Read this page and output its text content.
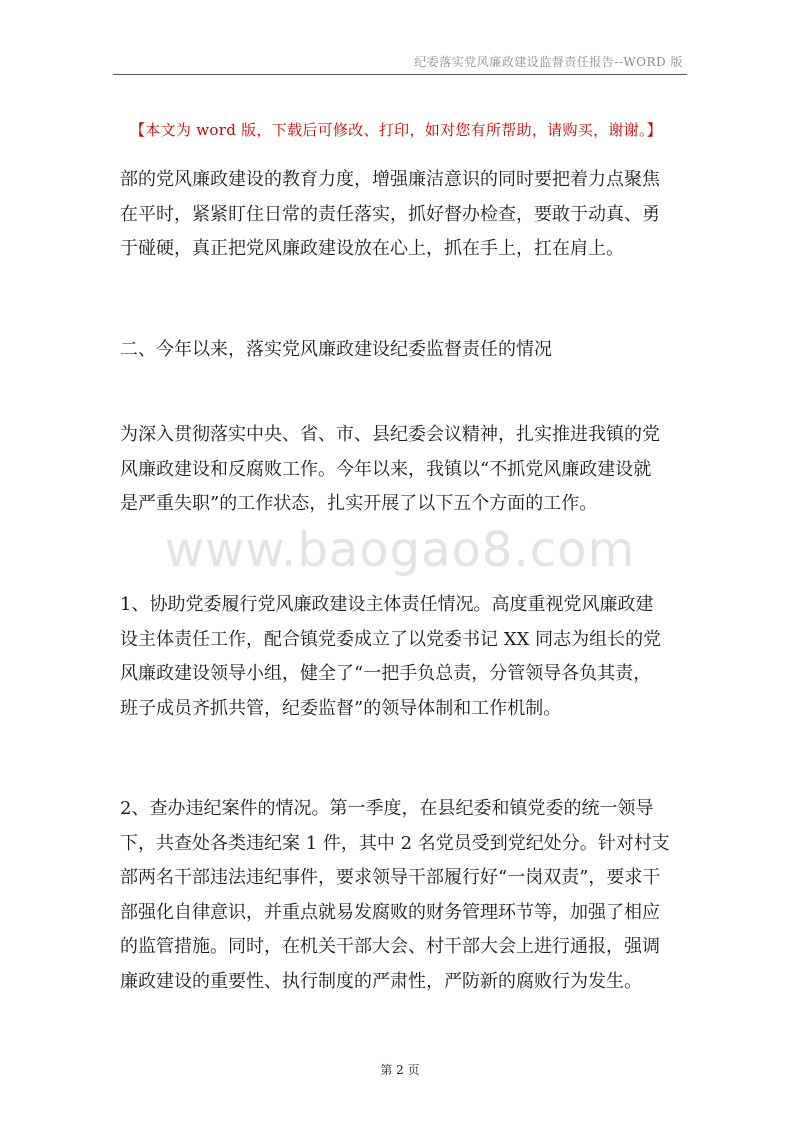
纪委落实党风廉政建设监督责任报告--WORD 版
【本文为 word 版，下载后可修改、打印，如对您有所帮助，请购买，谢谢。】
部的党风廉政建设的教育力度，增强廉洁意识的同时要把着力点聚焦
在平时，紧紧盯住日常的责任落实，抓好督办检查，要敢于动真、勇
于碰硬，真正把党风廉政建设放在心上，抓在手上，扛在肩上。
二、今年以来，落实党风廉政建设纪委监督责任的情况
为深入贯彻落实中央、省、市、县纪委会议精神，扎实推进我镇的党
风廉政建设和反腐败工作。今年以来，我镇以“不抓党风廉政建设就
是严重失职”的工作状态，扎实开展了以下五个方面的工作。
www.baogao8.com
1、协助党委履行党风廉政建设主体责任情况。高度重视党风廉政建
设主体责任工作，配合镇党委成立了以党委书记 XX 同志为组长的党
风廉政建设领导小组，健全了“一把手负总责，分管领导各负其责，
班子成员齐抓共管，纪委监督”的领导体制和工作机制。
2、查办违纪案件的情况。第一季度，在县纪委和镇党委的统一领导
下，共查处各类违纪案 1 件，其中 2 名党员受到党纪处分。针对村支
部两名干部违法违纪事件，要求领导干部履行好“一岗双责”，要求干
部强化自律意识，并重点就易发腐败的财务管理环节等，加强了相应
的监管措施。同时，在机关干部大会、村干部大会上进行通报，强调
廉政建设的重要性、执行制度的严肃性，严防新的腐败行为发生。
第 2 页
